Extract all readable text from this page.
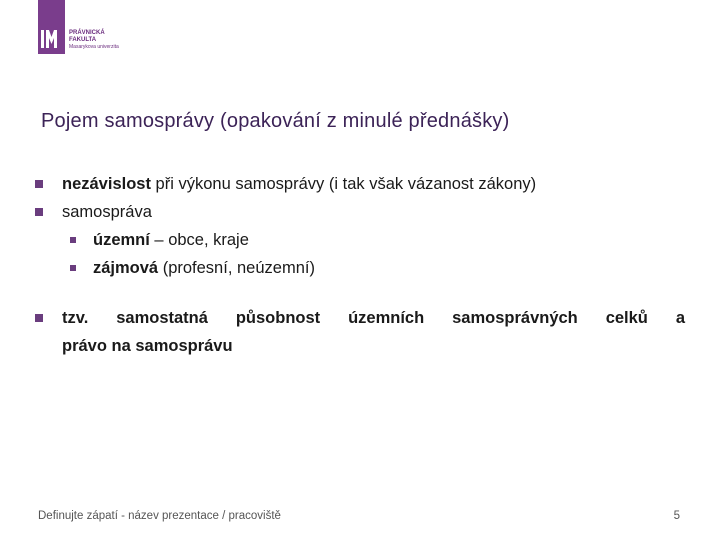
PRÁVNICKÁ
FAKULTA
Masarykova univerzita
Pojem samosprávy (opakování z minulé přednášky)
nezávislost při výkonu samosprávy (i tak však vázanost zákony)
samospráva
územní – obce, kraje
zájmová (profesní, neúzemní)
tzv. samostatná působnost územních samosprávných celků a
právo na samosprávu
Definujte zápatí - název prezentace / pracoviště	5
